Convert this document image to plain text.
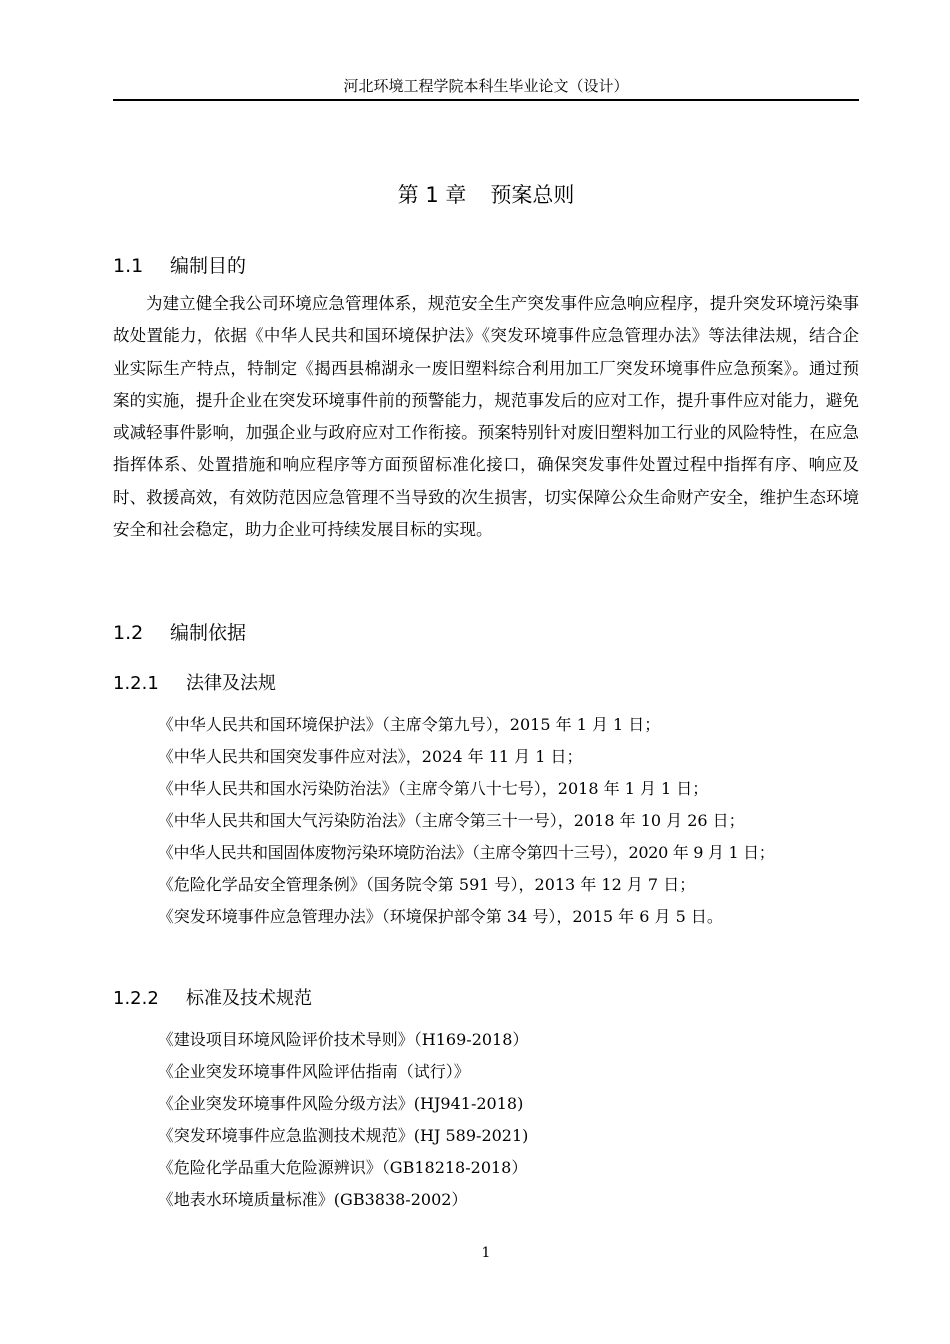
河北环境工程学院本科生毕业论文（设计）
第 1 章 预案总则
1.1 编制目的

为建立健全我公司环境应急管理体系，规范安全生产突发事件应急响应程序，提升突发环境污染事故处置能力，依据《中华人民共和国环境保护法》《突发环境事件应急管理办法》等法律法规，结合企业实际生产特点，特制定《揭西县棉湖永一废旧塑料综合利用加工厂突发环境事件应急预案》。通过预案的实施，提升企业在突发环境事件前的预警能力，规范事发后的应对工作，提升事件应对能力，避免或减轻事件影响，加强企业与政府应对工作衔接。预案特别针对废旧塑料加工行业的风险特性，在应急指挥体系、处置措施和响应程序等方面预留标准化接口，确保突发事件处置过程中指挥有序、响应及时、救援高效，有效防范因应急管理不当导致的次生损害，切实保障公众生命财产安全，维护生态环境安全和社会稳定，助力企业可持续发展目标的实现。

1.2 编制依据
1.2.1 法律及法规
《中华人民共和国环境保护法》（主席令第九号），2015 年 1 月 1 日；
《中华人民共和国突发事件应对法》，2024 年 11 月 1 日；
《中华人民共和国水污染防治法》（主席令第八十七号），2018 年 1 月 1 日；
《中华人民共和国大气污染防治法》（主席令第三十一号），2018 年 10 月 26 日；
《中华人民共和国固体废物污染环境防治法》（主席令第四十三号），2020 年 9 月 1 日；
《危险化学品安全管理条例》（国务院令第 591 号），2013 年 12 月 7 日；
《突发环境事件应急管理办法》（环境保护部令第 34 号），2015 年 6 月 5 日。
1.2.2 标准及技术规范
《建设项目环境风险评价技术导则》（H169-2018）
《企业突发环境事件风险评估指南（试行）》
《企业突发环境事件风险分级方法》(HJ941-2018)
《突发环境事件应急监测技术规范》(HJ 589-2021)
《危险化学品重大危险源辨识》（GB18218-2018）
《地表水环境质量标准》(GB3838-2002）
1
